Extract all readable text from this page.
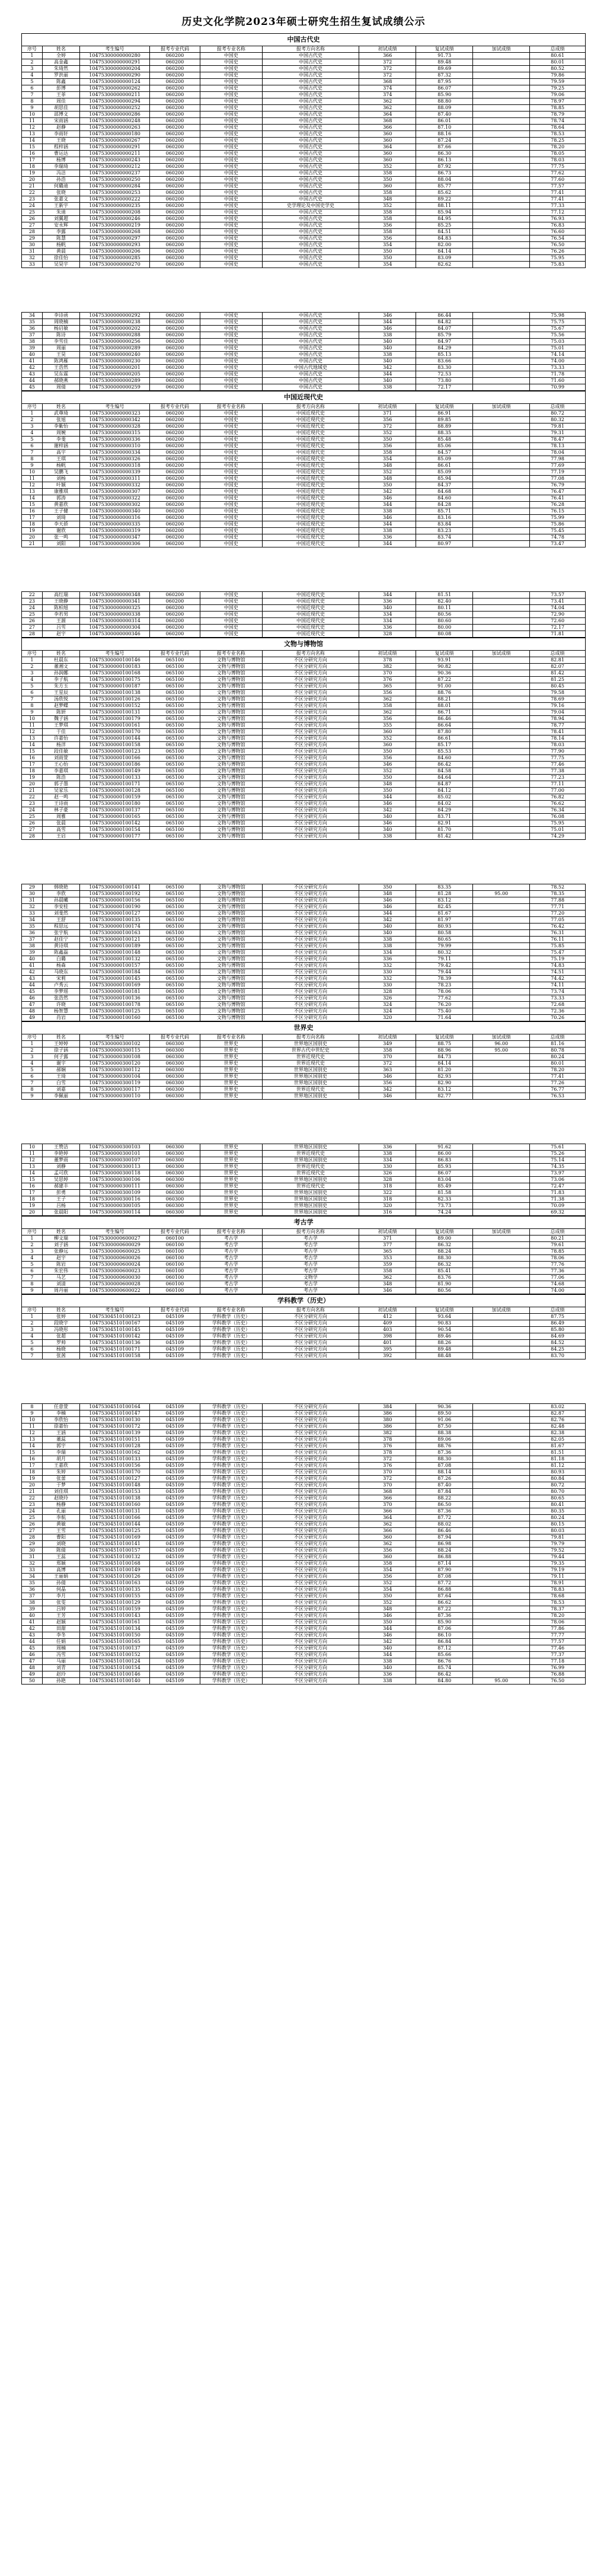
历史文化学院2023年硕士研究生招生复试成绩公示
中国古代史									
序号	姓名	考生编号	报考专业代码	报考专业名称	报考方向名称	初试成绩	复试成绩	加试成绩	总成绩
1	全婷	10475300000000280	060200	中国史	中国古代史	366	91.73		80.61
2	高金鑫	10475300000000291	060200	中国史	中国古代史	372	89.48		80.01
3	朱琦然	10475300000000204	060200	中国史	中国古代史	372	89.69		80.52
4	罗洪丽	10475300000000290	060200	中国史	中国古代史	372	87.32		79.86
5	陈鑫	10475300000000124	060200	中国史	中国古代史	368	87.95		79.59
6	彭博	10475300000000262	060200	中国史	中国古代史	374	86.07		79.25
7	王菲	10475300000000211	060200	中国史	中国古代史	374	85.90		79.06
8	周佳	10475300000000294	060200	中国史	中国古代史	362	88.80		78.97
9	胡思佳	10475300000000252	060200	中国史	中国古代史	362	88.09		78.85
10	邵博文	10475300000000286	060200	中国史	中国古代史	364	87.40		78.79
11	宋雨涵	10475300000000248	060200	中国史	中国古代史	368	86.01		78.74
12	赵静	10475300000000263	060200	中国史	中国古代史	366	87.10		78.64
13	李雨轩	10475300000000180	060200	中国史	中国古代史	360	88.16		78.53
14	王晓	10475300000000267	060200	中国史	中国古代史	360	87.24		78.25
15	程梓涵	10475300000000291	060200	中国史	中国古代史	364	87.66		78.20
16	曹运达	10475300000000211	060200	中国史	中国古代史	360	86.30		78.05
17	杨博	10475300000000243	060200	中国史	中国古代史	360	86.13		78.03
18	李瑞琦	10475300000000212	060200	中国史	中国古代史	352	87.92		77.75
19	冯洁	10475300000000237	060200	中国史	中国古代史	358	86.73		77.62
20	孙浩	10475300000000250	060200	中国史	中国古代史	350	88.04		77.60
21	何璐迪	10475300000000284	060200	中国史	中国古代史	360	85.77		77.57
22	张晓	10475300000000253	060200	中国史	中国古代史	358	85.62		77.41
23	张嘉文	10475300000000222	060200	中国史	中国古代史	348	89.22		77.41
24	王新宇	10475300000000235	060200	中国史	史学理论及中国史学史	352	88.11		77.33
25	朱迪	10475300000000208	060200	中国史	中国古代史	358	85.94		77.12
26	刘翼超	10475300000000246	060200	中国史	中国古代史	358	84.95		76.93
27	安永辉	10475300000000219	060200	中国史	中国古代史	356	85.25		76.83
28	李露	10475300000000268	060200	中国史	中国古代史	358	84.51		76.60
29	陈慧	10475300000000297	060200	中国史	中国古代史	356	84.83		76.54
30	杨帆	10475300000000293	060200	中国史	中国古代史	354	82.00		76.50
31	黄晨	10475300000000206	060200	中国史	中国古代史	350	84.14		76.26
32	徐佳怡	10475300000000285	060200	中国史	中国古代史	350	83.09		75.95
33	吴昊宇	10475300000000270	060200	中国史	中国古代史	354	82.62		75.83
34	李诗函	10475300000000292	060200	中国史	中国古代史	346	86.44		75.98
35	周晓楠	10475300000000238	060200	中国史	中国古代史	344	84.82		75.75
36	杨启敏	10475300000000202	060200	中国史	中国古代史	346	84.07		75.67
37	陈诗	10475300000000288	060200	中国史	中国古代史	338	85.79		75.56
38	李雪佳	10475300000000256	060200	中国史	中国古代史	340	84.97		75.03
39	周丽	10475300000000289	060200	中国史	中国古代史	340	84.29		75.01
40	王昊	10475300000000240	060200	中国史	中国古代史	338	85.13		74.14
41	陈鸿雁	10475300000000230	060200	中国史	中国古代史	340	83.66		74.00
42	王浩然	10475300000000201	060200	中国史	中国古代地域史	342	83.30		73.33
43	吴东霖	10475300000000205	060200	中国史	中国古代史	344	72.53		71.78
44	郝晓燕	10475300000000289	060200	中国史	中国古代史	340	73.80		71.60
45	周倩	10475300000000259	060200	中国史	中国古代史	338	72.17		70.99
中国近现代史									
序号	姓名	考生编号	报考专业代码	报考专业名称	报考方向名称	初试成绩	复试成绩	加试成绩	总成绩
1	武尊琦	10475300000000323	060200	中国史	中国近现代史	371	86.91		80.72
2	张旭	10475300000000342	060200	中国史	中国近现代史	356	89.85		80.32
3	李紫怡	10475300000000328	060200	中国史	中国近现代史	372	88.89		79.81
4	周婉	10475300000000315	060200	中国史	中国近现代史	352	88.35		79.31
5	李斐	10475300000000336	060200	中国史	中国近现代史	350	85.48		78.47
6	谢梓涵	10475300000000310	060200	中国史	中国近现代史	356	85.06		78.13
7	高宇	10475300000000334	060200	中国史	中国近现代史	358	84.57		78.04
8	王琪	10475300000000326	060200	中国史	中国近现代史	354	85.09		77.98
9	杨帆	10475300000000318	060200	中国史	中国近现代史	348	86.61		77.69
10	吴鹏飞	10475300000000339	060200	中国史	中国近现代史	352	85.09		77.19
11	刘杨	10475300000000311	060200	中国史	中国近现代史	348	85.94		77.08
12	叶颖	10475300000000332	060200	中国史	中国近现代史	350	84.37		76.79
13	康雅琪	10475300000000307	060200	中国史	中国近现代史	342	84.68		76.47
14	郭涛	10475300000000322	060200	中国史	中国近现代史	346	84.60		76.41
15	黄嘉欣	10475300000000302	060200	中国史	中国近现代史	344	84.28		76.28
16	王子健	10475300000000340	060200	中国史	中国近现代史	338	85.71		76.15
17	刘琦	10475300000000316	060200	中国史	中国近现代史	346	83.16		75.99
18	李天骄	10475300000000335	060200	中国史	中国近现代史	344	83.84		75.86
19	谢欣	10475300000000319	060200	中国史	中国近现代史	338	83.23		75.45
20	张一鸣	10475300000000347	060200	中国史	中国近现代史	336	83.74		74.78
21	刘阳	10475300000000306	060200	中国史	中国近现代史	344	80.97		73.47
22	高红瑞	10475300000000348	060200	中国史	中国近现代史	344	81.51		73.57
23	王晓静	10475300000000341	060200	中国史	中国近现代史	336	82.40		73.41
24	陈柏旭	10475300000000325	060200	中国史	中国近现代史	340	80.11		74.04
25	李若男	10475300000000338	060200	中国史	中国近现代史	334	80.56		72.90
26	王源	10475300000000314	060200	中国史	中国近现代史	334	80.60		72.60
27	吕雪	10475300000000304	060200	中国史	中国近现代史	336	80.00		72.17
28	赵宇	10475300000000346	060200	中国史	中国近现代史	328	80.08		71.81
文物与博物馆									
序号	姓名	考生编号	报考专业代码	报考专业名称	报考方向名称	初试成绩	复试成绩	加试成绩	总成绩
1	杜晨东	10475300000100146	065100	文物与博物馆	不区分研究方向	378	93.91		82.81
2	董湘文	10475300000100183	065100	文物与博物馆	不区分研究方向	382	90.82		82.07
3	孙润娜	10475300000100168	065100	文物与博物馆	不区分研究方向	370	90.36		81.42
4	李子航	10475300000100175	065100	文物与博物馆	不区分研究方向	376	87.22		81.25
5	朱方玉	10475300000100187	065100	文物与博物馆	不区分研究方向	365	91.00		80.45
6	王星辰	10475300000100138	065100	文物与博物馆	不区分研究方向	356	88.76		79.58
7	汤欣悦	10475300000100126	065100	文物与博物馆	不区分研究方向	362	88.21		78.69
8	赵梦蝶	10475300000100152	065100	文物与博物馆	不区分研究方向	358	88.01		79.16
9	陈妍	10475300000100131	065100	文物与博物馆	不区分研究方向	362	86.71		79.04
10	魏子涵	10475300000100179	065100	文物与博物馆	不区分研究方向	356	86.46		78.94
11	王梦琪	10475300000100161	065100	文物与博物馆	不区分研究方向	355	86.64		78.77
12	于佳	10475300000100170	065100	文物与博物馆	不区分研究方向	360	87.80		78.41
13	许嘉怡	10475300000100144	065100	文物与博物馆	不区分研究方向	352	86.61		78.14
14	杨洋	10475300000100158	065100	文物与博物馆	不区分研究方向	360	85.17		78.03
15	段佳敏	10475300000100123	065100	文物与博物馆	不区分研究方向	350	85.53		77.90
16	刘雨萱	10475300000100166	065100	文物与博物馆	不区分研究方向	356	84.60		77.75
17	王心怡	10475300000100186	065100	文物与博物馆	不区分研究方向	346	86.42		77.46
18	李嘉琪	10475300000100149	065100	文物与博物馆	不区分研究方向	352	84.58		77.38
19	陈浩	10475300000100133	065100	文物与博物馆	不区分研究方向	350	84.64		77.23
20	郭子墨	10475300000100171	065100	文物与博物馆	不区分研究方向	348	84.87		77.11
21	吴家乐	10475300000100128	065100	文物与博物馆	不区分研究方向	350	84.12		77.00
22	赵一鸣	10475300000100159	065100	文物与博物馆	不区分研究方向	344	85.02		76.82
23	王诗雨	10475300000100180	065100	文物与博物馆	不区分研究方向	346	84.02		76.62
24	林子豪	10475300000100137	065100	文物与博物馆	不区分研究方向	342	84.29		76.34
25	周雅	10475300000100165	065100	文物与博物馆	不区分研究方向	340	83.71		76.08
26	张晨	10475300000100142	065100	文物与博物馆	不区分研究方向	346	82.91		75.95
27	高雪	10475300000100154	065100	文物与博物馆	不区分研究方向	340	81.70		75.01
28	王启	10475300000100177	065100	文物与博物馆	不区分研究方向	338	81.42		74.29
29	韩晓艳	10475300000100141	065100	文物与博物馆	不区分研究方向	350	83.35		78.52
30	李欣	10475300000100192	065100	文物与博物馆	不区分研究方向	348	81.28	95.00	78.35
31	孙晨曦	10475300000100156	065100	文物与博物馆	不区分研究方向	346	83.12		77.88
32	李安桂	10475300000100190	065100	文物与博物馆	不区分研究方向	346	82.45		77.71
33	刘斐然	10475300000100127	065100	文物与博物馆	不区分研究方向	344	81.67		77.20
34	王舒	10475300000100135	065100	文物与博物馆	不区分研究方向	342	81.97		77.05
35	程思远	10475300000100174	065100	文物与博物馆	不区分研究方向	340	80.93		76.42
36	张宇航	10475300000100163	065100	文物与博物馆	不区分研究方向	340	80.58		76.31
37	赵佳宁	10475300000100121	065100	文物与博物馆	不区分研究方向	338	80.65		76.11
38	黄诗琪	10475300000100189	065100	文物与博物馆	不区分研究方向	338	79.99		75.85
39	陈鑫磊	10475300000100148	065100	文物与博物馆	不区分研究方向	334	80.32		75.47
40	白璐	10475300000100132	065100	文物与博物馆	不区分研究方向	336	79.11		75.19
41	杨森	10475300000100157	065100	文物与博物馆	不区分研究方向	332	79.42		74.83
42	马晓东	10475300000100184	065100	文物与博物馆	不区分研究方向	330	79.44		74.51
43	宋莉	10475300000100145	065100	文物与博物馆	不区分研究方向	332	78.39		74.42
44	卢秀云	10475300000100169	065100	文物与博物馆	不区分研究方向	330	78.23		74.11
45	李梦瑶	10475300000100181	065100	文物与博物馆	不区分研究方向	328	78.06		73.74
46	张浩然	10475300000100136	065100	文物与博物馆	不区分研究方向	326	77.62		73.33
47	许晓	10475300000100178	065100	文物与博物馆	不区分研究方向	324	76.20		72.68
48	杨智慧	10475300000100125	065100	文物与博物馆	不区分研究方向	324	75.40		72.36
49	肖岩	10475300000100160	065100	文物与博物馆	不区分研究方向	320	71.64		70.26
世界史									
序号	姓名	考生编号	报考专业代码	报考专业名称	报考方向名称	初试成绩	复试成绩	加试成绩	总成绩
1	王婷婷	10475300000300102	060300	世界史	世界地区国别史	349	88.75	96.00	81.16
2	徐子涵	10475300000300115	060300	世界史	世界古代中世纪史	358	88.96	95.00	80.78
3	何子露	10475300000300108	060300	世界史	世界近现代史	370	84.73		80.24
4	谢宇	10475300000300120	060300	世界史	世界近现代史	372	84.14		80.01
5	郝娴	10475300000300112	060300	世界史	世界地区国别史	363	81.20		78.20
6	王琦	10475300000300104	060300	世界史	世界地区国别史	346	82.93		77.41
7	白雪	10475300000300119	060300	世界史	世界地区国别史	356	82.90		77.26
8	刘嘉	10475300000300117	060300	世界史	世界近现代史	342	83.12		76.77
9	李佩丽	10475300000300110	060300	世界史	世界地区国别史	346	82.77		76.53
10	王赞洁	10475300000300103	060300	世界史	世界地区国别史	336	91.62		75.61
11	李艳婷	10475300000300101	060300	世界史	世界近现代史	338	86.00		75.26
12	董梦雨	10475300000300107	060300	世界史	世界地区国别史	334	86.83		75.14
13	刘静	10475300000300113	060300	世界史	世界近现代史	330	85.93		74.35
14	孟可欣	10475300000300118	060300	世界史	世界近现代史	326	86.07		73.97
15	吴思婷	10475300000300106	060300	世界史	世界地区国别史	328	83.04		73.06
16	郝建丰	10475300000300111	060300	世界史	世界近现代史	318	85.49		72.47
17	彭勇	10475300000300109	060300	世界史	世界地区国别史	322	81.58		71.83
18	王子	10475300000300116	060300	世界史	世界地区国别史	318	82.33		71.38
19	吕杨	10475300000300105	060300	世界史	世界地区国别史	320	73.73		70.09
20	张晨阳	10475300000300114	060300	世界史	世界地区国别史	316	74.24		69.32
考古学									
序号	姓名	考生编号	报考专业代码	报考专业名称	报考方向名称	初试成绩	复试成绩	加试成绩	总成绩
1	柳文瑞	10475300000600027	060100	考古学	考古学	371	89.00		80.21
2	刘子涵	10475300000600029	060100	考古学	考古学	377	86.32		79.61
3	张静远	10475300000600025	060100	考古学	考古学	365	88.24		78.85
4	赵宇	10475300000600026	060100	考古学	考古学	353	88.30		78.06
5	陈岩	10475300000600024	060100	考古学	考古学	359	86.32		77.76
6	朱宏伟	10475300000600023	060100	考古学	考古学	358	85.41		77.36
7	马艺	10475300000600030	060100	考古学	文物学	362	83.76		77.06
8	刘清	10475300000600028	060100	考古学	考古学	348	81.90		74.68
9	周丹丽	10475300000600022	060100	考古学	考古学	346	80.56		74.00
学科教学（历史）									
序号	姓名	考生编号	报考专业代码	报考专业名称	报考方向名称	初试成绩	复试成绩	加试成绩	总成绩
1	张婷	10475304510100123	045109	学科教学（历史）	不区分研究方向	412	93.64		87.75
2	段晓宇	10475304510100167	045109	学科教学（历史）	不区分研究方向	409	90.83		86.49
3	冯晓彤	10475304510100145	045109	学科教学（历史）	不区分研究方向	403	90.54		85.80
4	张超	10475304510100142	045109	学科教学（历史）	不区分研究方向	398	89.46		84.69
5	罗帅	10475304510100136	045109	学科教学（历史）	不区分研究方向	401	88.26		84.52
6	杨晓	10475304510100171	045109	学科教学（历史）	不区分研究方向	395	89.48		84.25
7	张茜	10475304510100158	045109	学科教学（历史）	不区分研究方向	392	88.48		83.70
8	任意萱	10475304510100164	045109	学科教学（历史）	不区分研究方向	384	90.36		83.02
9	李楠	10475304510100147	045109	学科教学（历史）	不区分研究方向	386	89.50		82.87
10	李欣怡	10475304510100130	045109	学科教学（历史）	不区分研究方向	380	91.06		82.76
11	徐嘉怡	10475304510100172	045109	学科教学（历史）	不区分研究方向	386	87.50		82.48
12	王涵	10475304510100139	045109	学科教学（历史）	不区分研究方向	382	88.38		82.38
13	董蕊	10475304510100151	045109	学科教学（历史）	不区分研究方向	378	89.06		82.05
14	郭宇	10475304510100128	045109	学科教学（历史）	不区分研究方向	376	88.76		81.67
15	李瑞	10475304510100162	045109	学科教学（历史）	不区分研究方向	378	87.36		81.51
16	胡月	10475304510100133	045109	学科教学（历史）	不区分研究方向	372	88.30		81.18
17	王嘉欣	10475304510100156	045109	学科教学（历史）	不区分研究方向	376	87.08		81.12
18	朱婷	10475304510100170	045109	学科教学（历史）	不区分研究方向	370	88.14		80.93
19	张蕾	10475304510100127	045109	学科教学（历史）	不区分研究方向	372	87.26		80.84
20	于梦	10475304510100148	045109	学科教学（历史）	不区分研究方向	370	87.40		80.72
21	刘佳琪	10475304510100153	045109	学科教学（历史）	不区分研究方向	368	87.84		80.70
22	赵晓玲	10475304510100138	045109	学科教学（历史）	不区分研究方向	366	88.22		80.65
23	杨静	10475304510100160	045109	学科教学（历史）	不区分研究方向	370	86.50		80.41
24	孔丽	10475304510100131	045109	学科教学（历史）	不区分研究方向	366	87.36		80.35
25	李航	10475304510100166	045109	学科教学（历史）	不区分研究方向	364	87.72		80.24
26	黄敏	10475304510100144	045109	学科教学（历史）	不区分研究方向	362	88.02		80.15
27	王雪	10475304510100125	045109	学科教学（历史）	不区分研究方向	366	86.46		80.03
28	曹阳	10475304510100169	045109	学科教学（历史）	不区分研究方向	360	87.94		79.81
29	刘晓	10475304510100141	045109	学科教学（历史）	不区分研究方向	362	86.98		79.79
30	陈倩	10475304510100157	045109	学科教学（历史）	不区分研究方向	356	88.24		79.52
31	王蕊	10475304510100132	045109	学科教学（历史）	不区分研究方向	360	86.88		79.44
32	郑颖	10475304510100168	045109	学科教学（历史）	不区分研究方向	358	87.14		79.35
33	高博	10475304510100149	045109	学科教学（历史）	不区分研究方向	354	87.90		79.19
34	王丽娟	10475304510100126	045109	学科教学（历史）	不区分研究方向	356	87.08		79.11
35	孙倩	10475304510100163	045109	学科教学（历史）	不区分研究方向	352	87.72		78.91
36	何晶	10475304510100135	045109	学科教学（历史）	不区分研究方向	354	86.88		78.83
37	李月	10475304510100155	045109	学科教学（历史）	不区分研究方向	350	87.64		78.68
38	张雯	10475304510100129	045109	学科教学（历史）	不区分研究方向	352	86.62		78.53
39	吕婷	10475304510100159	045109	学科教学（历史）	不区分研究方向	348	87.22		78.37
40	王芳	10475304510100143	045109	学科教学（历史）	不区分研究方向	346	87.36		78.20
41	赵颖	10475304510100161	045109	学科教学（历史）	不区分研究方向	350	85.90		78.06
42	田甜	10475304510100134	045109	学科教学（历史）	不区分研究方向	344	87.06		77.86
43	李冬	10475304510100150	045109	学科教学（历史）	不区分研究方向	346	86.10		77.77
44	任娟	10475304510100165	045109	学科教学（历史）	不区分研究方向	342	86.84		77.57
45	周楠	10475304510100137	045109	学科教学（历史）	不区分研究方向	340	87.12		77.46
46	冯雪	10475304510100152	045109	学科教学（历史）	不区分研究方向	344	85.66		77.37
47	马丽	10475304510100124	045109	学科教学（历史）	不区分研究方向	338	86.76		77.18
48	刘青	10475304510100154	045109	学科教学（历史）	不区分研究方向	340	85.74		76.99
49	赵玲	10475304510100146	045109	学科教学（历史）	不区分研究方向	336	86.42		76.88
50	孙艳	10475304510100140	045109	学科教学（历史）	不区分研究方向	338	84.80	95.00	76.50
